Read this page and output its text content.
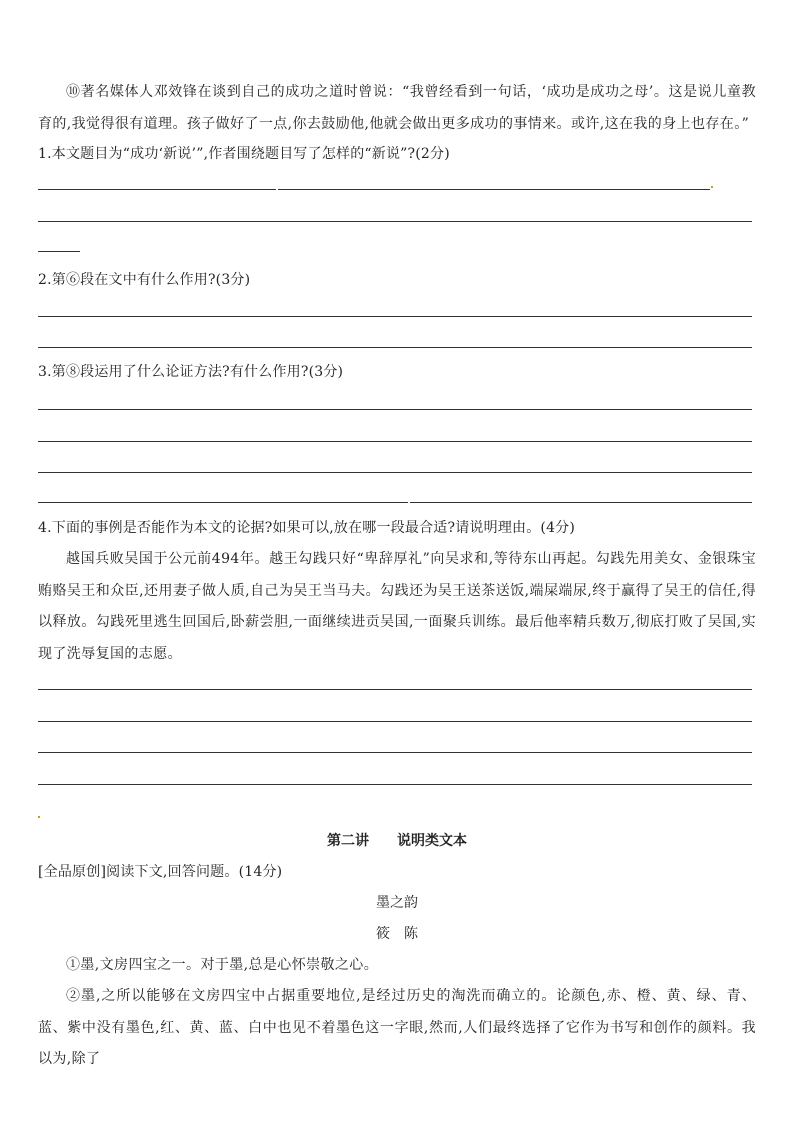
⑩著名媒体人邓效锋在谈到自己的成功之道时曾说：“我曾经看到一句话，‘成功是成功之母’。这是说儿童教育的,我觉得很有道理。孩子做好了一点,你去鼓励他,他就会做出更多成功的事情来。或许,这在我的身上也存在。”
1.本文题目为“成功‘新说’”,作者围绕题目写了怎样的“新说”?(2分)
2.第⑥段在文中有什么作用?(3分)
3.第⑧段运用了什么论证方法?有什么作用?(3分)
4.下面的事例是否能作为本文的论据?如果可以,放在哪一段最合适?请说明理由。(4分)
越国兵败吴国于公元前494年。越王勾践只好“卑辞厚礼”向吴求和,等待东山再起。勾践先用美女、金银珠宝贿赂吴王和众臣,还用妻子做人质,自己为吴王当马夫。勾践还为吴王送茶送饭,端屎端尿,终于赢得了吴王的信任,得以释放。勾践死里逃生回国后,卧薪尝胆,一面继续进贡吴国,一面聚兵训练。最后他率精兵数万,彻底打败了吴国,实现了洗辱复国的志愿。
第二讲　　说明类文本
[全品原创]阅读下文,回答问题。(14分)
墨之韵
筱　陈
①墨,文房四宝之一。对于墨,总是心怀崇敬之心。
②墨,之所以能够在文房四宝中占据重要地位,是经过历史的淘洗而确立的。论颜色,赤、橙、黄、绿、青、蓝、紫中没有墨色,红、黄、蓝、白中也见不着墨色这一字眼,然而,人们最终选择了它作为书写和创作的颜料。我以为,除了
